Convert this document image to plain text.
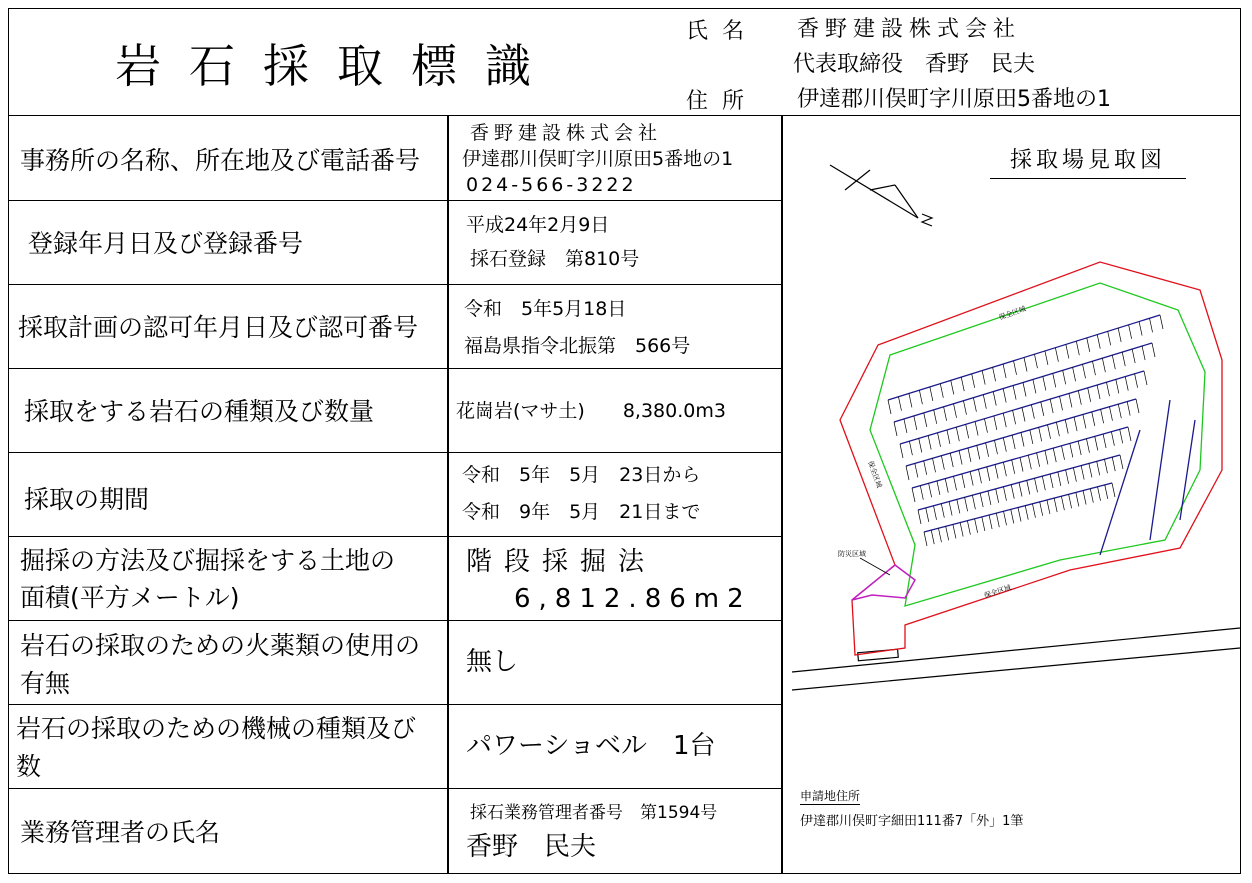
岩石採取標識
氏名 香野建設株式会社
代表取締役　香野　民夫
住所 伊達郡川俣町字川原田5番地の1
事務所の名称、所在地及び電話番号
香野建設株式会社
伊達郡川俣町字川原田5番地の1
024-566-3222
登録年月日及び登録番号
平成24年2月9日
採石登録　第810号
採取計画の認可年月日及び認可番号
令和　5年5月18日
福島県指令北振第　566号
採取をする岩石の種類及び数量	花崗岩(マサ土)　　8,380.0m3
採取の期間
令和　5年　5月　23日から
令和　9年　5月　21日まで
掘採の方法及び掘採をする土地の
面積(平方メートル)
階段採掘法
6,812.86m2
岩石の採取のための火薬類の使用の
有無
無し
岩石の採取のための機械の種類及び
数
パワーショベル　1台
業務管理者の氏名
採石業務管理者番号　第1594号
香野　民夫
採取場見取図
保全区域
保全区域
保全区域
防災区域
申請地住所
伊達郡川俣町字細田111番7「外」1筆
